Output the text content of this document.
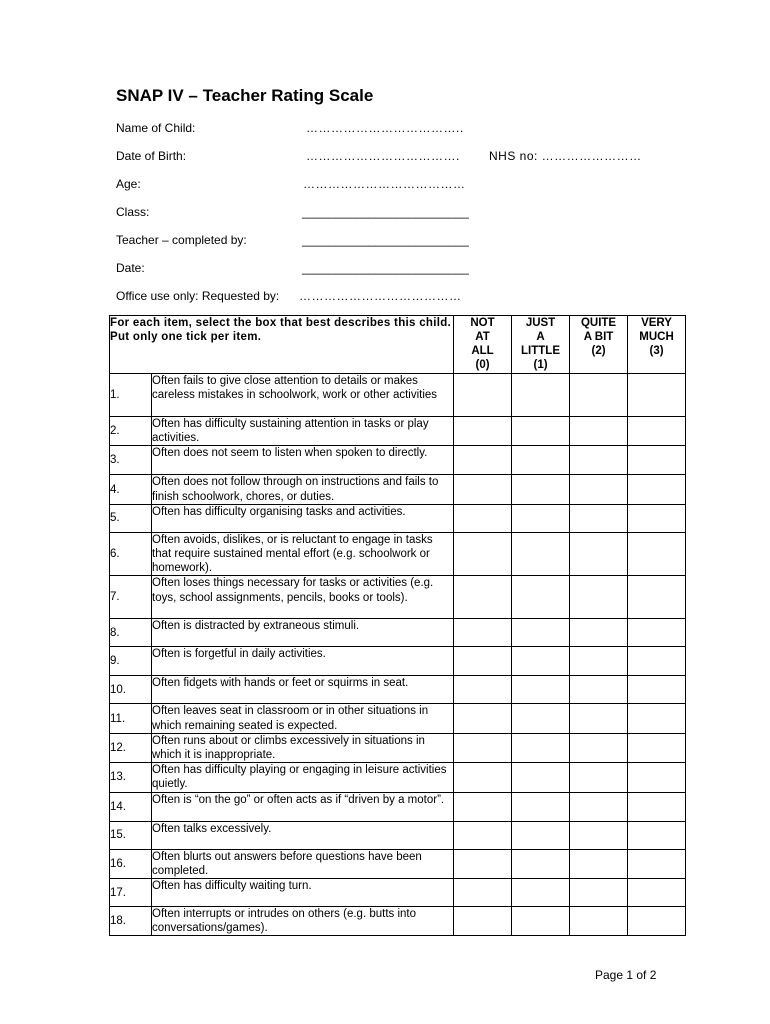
SNAP IV – Teacher Rating Scale
Name of Child:	………………………………..
Date of Birth:	………………………………. NHS no: ……………………
Age:	…………………………………
Class:	_________________________
Teacher – completed by:	_________________________
Date:	_________________________
Office use only: Requested by: …………………………………
For each item, select the box that best describes this child. Put only one tick per item.		NOT
AT
ALL
(0)	JUST
A
LITTLE
(1)	QUITE
A BIT
(2)	VERY
MUCH
(3)

1.	Often fails to give close attention to details or makes careless mistakes in schoolwork, work or other activities				
2.	Often has difficulty sustaining attention in tasks or play activities.				
3.	Often does not seem to listen when spoken to directly.				
4.	Often does not follow through on instructions and fails to finish schoolwork, chores, or duties.				
5.	Often has difficulty organising tasks and activities.				
6.	Often avoids, dislikes, or is reluctant to engage in tasks that require sustained mental effort (e.g. schoolwork or homework).				
7.	Often loses things necessary for tasks or activities (e.g. toys, school assignments, pencils, books or tools).				
8.	Often is distracted by extraneous stimuli.				
9.	Often is forgetful in daily activities.				
10.	Often fidgets with hands or feet or squirms in seat.				
11.	Often leaves seat in classroom or in other situations in which remaining seated is expected.				
12.	Often runs about or climbs excessively in situations in which it is inappropriate.				
13.	Often has difficulty playing or engaging in leisure activities quietly.				
14.	Often is “on the go” or often acts as if “driven by a motor”.				
15.	Often talks excessively.				
16.	Often blurts out answers before questions have been completed.				
17.	Often has difficulty waiting turn.				
18.	Often interrupts or intrudes on others (e.g. butts into conversations/games).				
Page 1 of 2
